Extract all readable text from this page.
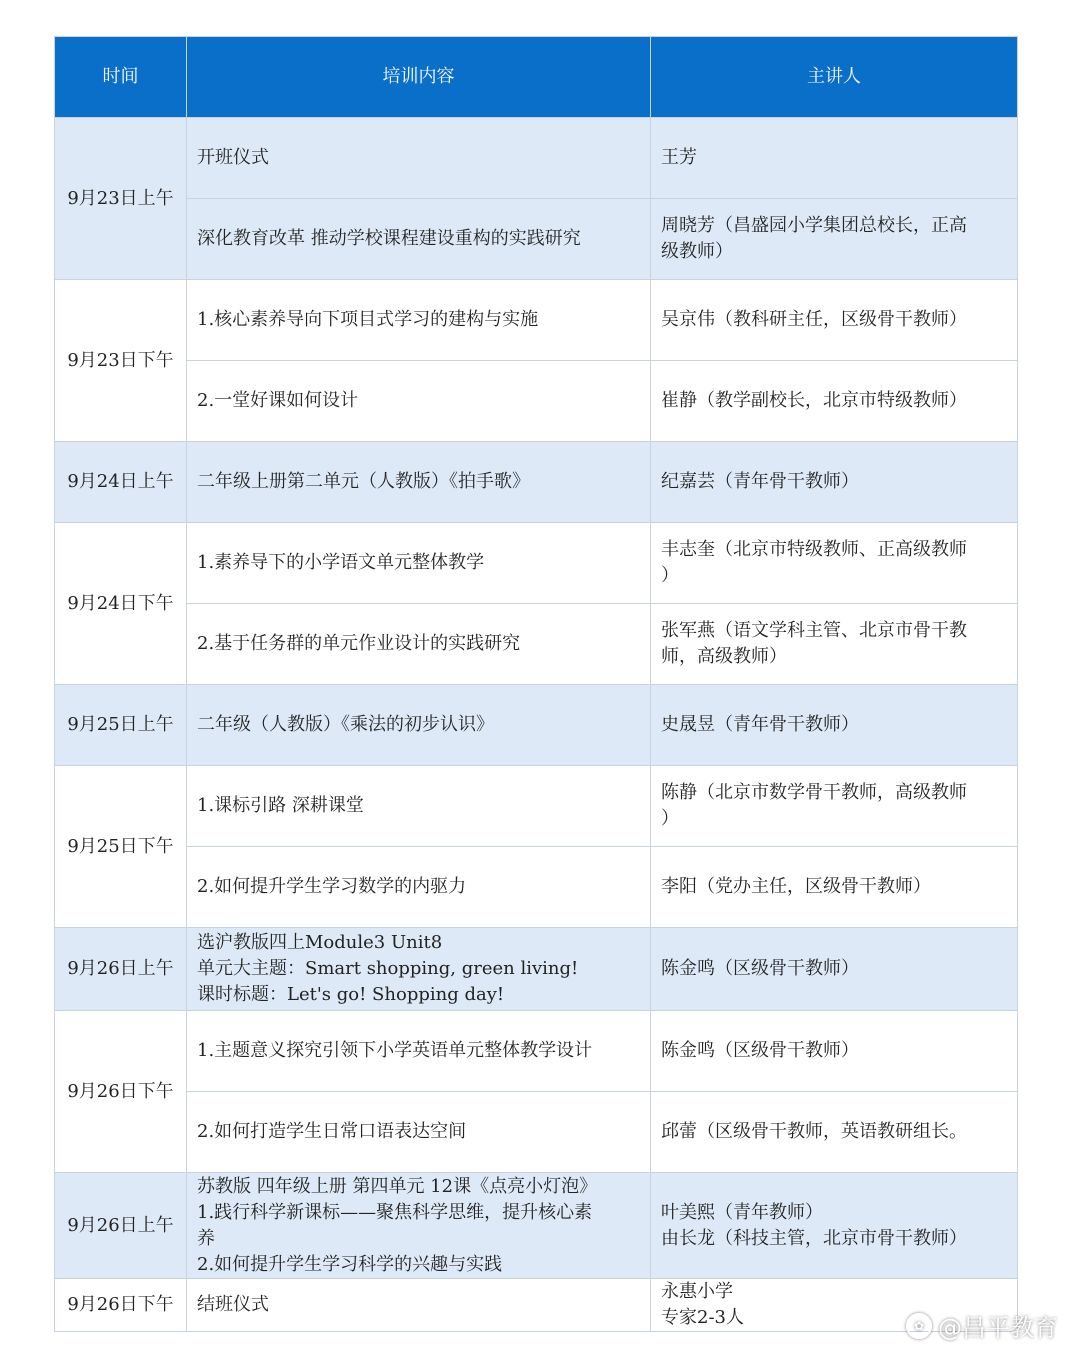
时间	培训内容	主讲人
9月23日上午	开班仪式	王芳

	深化教育改革 推动学校课程建设重构的实践研究	周晓芳（昌盛园小学集团总校长，正高
级教师）

9月23日下午	1.核心素养导向下项目式学习的建构与实施	吴京伟（教科研主任，区级骨干教师）

	2.一堂好课如何设计	崔静（教学副校长，北京市特级教师）

9月24日上午	二年级上册第二单元（人教版）《拍手歌》	纪嘉芸（青年骨干教师）

9月24日下午	1.素养导下的小学语文单元整体教学	丰志奎（北京市特级教师、正高级教师
）

	2.基于任务群的单元作业设计的实践研究	张军燕（语文学科主管、北京市骨干教
师，高级教师）

9月25日上午	二年级（人教版）《乘法的初步认识》	史晟昱（青年骨干教师）

9月25日下午	1.课标引路 深耕课堂	陈静（北京市数学骨干教师，高级教师
）

	2.如何提升学生学习数学的内驱力	李阳（党办主任，区级骨干教师）

9月26日上午	选沪教版四上Module3 Unit8
单元大主题：Smart shopping, green living!
课时标题：Let's go! Shopping day!	陈金鸣（区级骨干教师）

9月26日下午	1.主题意义探究引领下小学英语单元整体教学设计	陈金鸣（区级骨干教师）

	2.如何打造学生日常口语表达空间	邱蕾（区级骨干教师，英语教研组长。

9月26日上午	苏教版 四年级上册 第四单元 12课《点亮小灯泡》
1.践行科学新课标——聚焦科学思维，提升核心素
养
2.如何提升学生学习科学的兴趣与实践	叶美熙（青年教师）
由长龙（科技主管，北京市骨干教师）

9月26日下午	结班仪式	永惠小学
专家2-3人	✿ @昌平教育
